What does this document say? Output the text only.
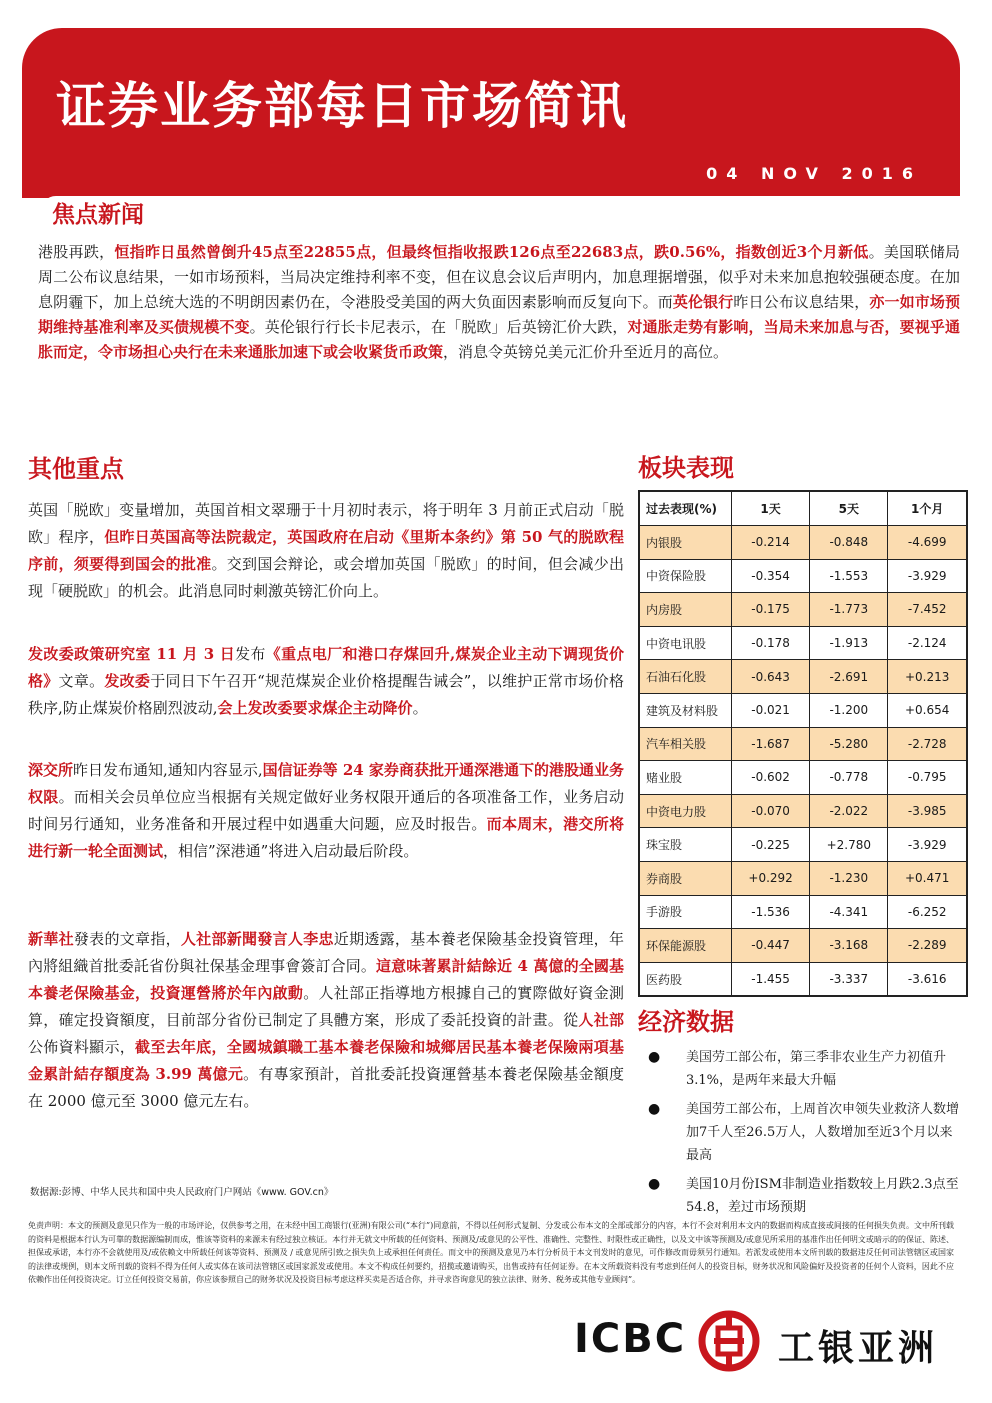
证券业务部每日市场简讯
04 NOV 2016
焦点新闻

港股再跌，恒指昨日虽然曾倒升45点至22855点，但最终恒指收报跌126点至22683点，跌0.56%，指数创近3个月新低。美国联储局周二公布议息结果，一如市场预料，当局决定维持利率不变，但在议息会议后声明内，加息理据增强，似乎对未来加息抱较强硬态度。在加息阴霾下，加上总统大选的不明朗因素仍在，令港股受美国的两大负面因素影响而反复向下。而英伦银行昨日公布议息结果，亦一如市场预期维持基准利率及买债规模不变。英伦银行行长卡尼表示，在「脱欧」后英镑汇价大跌，对通胀走势有影响，当局未来加息与否，要视乎通胀而定，令市场担心央行在未来通胀加速下或会收紧货币政策，消息令英镑兑美元汇价升至近月的高位。

其他重点

英国「脱欧」变量增加，英国首相文翠珊于十月初时表示，将于明年 3 月前正式启动「脱欧」程序，但昨日英国高等法院裁定，英国政府在启动《里斯本条约》第 50 气的脱欧程序前，须要得到国会的批准。交到国会辩论，或会增加英国「脱欧」的时间，但会减少出现「硬脱欧」的机会。此消息同时刺激英镑汇价向上。

发改委政策研究室 11 月 3 日发布《重点电厂和港口存煤回升,煤炭企业主动下调现货价格》文章。发改委于同日下午召开“规范煤炭企业价格提醒告诫会”，以维护正常市场价格秩序,防止煤炭价格剧烈波动,会上发改委要求煤企主动降价。

深交所昨日发布通知,通知内容显示,国信证券等 24 家券商获批开通深港通下的港股通业务权限。而相关会员单位应当根据有关规定做好业务权限开通后的各项准备工作，业务启动时间另行通知，业务准备和开展过程中如遇重大问题，应及时报告。而本周末，港交所将进行新一轮全面测试，相信”深港通”将进入启动最后阶段。

新華社發表的文章指，人社部新聞發言人李忠近期透露，基本養老保險基金投資管理，年內將組織首批委託省份與社保基金理事會簽訂合同。這意味著累計結餘近 4 萬億的全國基本養老保險基金，投資運營將於年內啟動。人社部正指導地方根據自己的實際做好資金測算，確定投資額度，目前部分省份已制定了具體方案，形成了委託投資的計畫。從人社部公佈資料顯示，截至去年底，全國城鎮職工基本養老保險和城鄉居民基本養老保險兩項基金累計結存額度為 3.99 萬億元。有專家預計，首批委託投資運營基本養老保險基金額度在 2000 億元至 3000 億元左右。

板块表现
过去表现(%)	1天	5天	1个月
内银股	-0.214	-0.848	-4.699
中资保险股	-0.354	-1.553	-3.929
内房股	-0.175	-1.773	-7.452
中资电讯股	-0.178	-1.913	-2.124
石油石化股	-0.643	-2.691	+0.213
建筑及材料股	-0.021	-1.200	+0.654
汽车相关股	-1.687	-5.280	-2.728
赌业股	-0.602	-0.778	-0.795
中资电力股	-0.070	-2.022	-3.985
珠宝股	-0.225	+2.780	-3.929
券商股	+0.292	-1.230	+0.471
手游股	-1.536	-4.341	-6.252
环保能源股	-0.447	-3.168	-2.289
医药股	-1.455	-3.337	-3.616
经济数据
● 美国劳工部公布，第三季非农业生产力初值升3.1%，是两年来最大升幅
● 美国劳工部公布，上周首次申领失业救济人数增加7千人至26.5万人，人数增加至近3个月以来最高
● 美国10月份ISM非制造业指数较上月跌2.3点至54.8，差过市场预期

数据源:彭博、中华人民共和国中央人民政府门户网站《www. GOV.cn》

免责声明：本文的预测及意见只作为一般的市场评论，仅供参考之用，在未经中国工商银行(亚洲)有限公司(“本行”)同意前，不得以任何形式复制、分发或公布本文的全部或部分的内容，本行不会对利用本文内的数据而构成直接或间接的任何损失负责。文中所刊载的资料是根据本行认为可靠的数据源编制而成，惟该等资料的来源未有经过独立核证。本行并无就文中所载的任何资料、预测及/或意见的公平性、准确性、完整性、时限性或正确性，以及文中该等预测及/或意见所采用的基准作出任何明文或暗示的的保证、陈述、担保或承诺，本行亦不会就使用及/或依赖文中所载任何该等资料、预测及 / 或意见所引致之损失负上或承担任何责任。而文中的预测及意见乃本行分析员于本文刊发时的意见，可作修改而毋须另行通知。若派发或使用本文所刊载的数据违反任何司法管辖区或国家的法律或规例，则本文所刊载的资料不得为任何人或实体在该司法管辖区或国家派发或使用。本文不构成任何要约，招揽或邀请购买，出售或持有任何证券。在本文所载资料没有考虑到任何人的投资目标，财务状况和风险偏好及投资者的任何个人资料，因此不应依赖作出任何投资决定。订立任何投资交易前，你应该参照自己的财务状况及投资目标考虑这样买卖是否适合你，并寻求咨询意见的独立法律、财务、税务或其他专业顾问”。

ICBC	工银亚洲
